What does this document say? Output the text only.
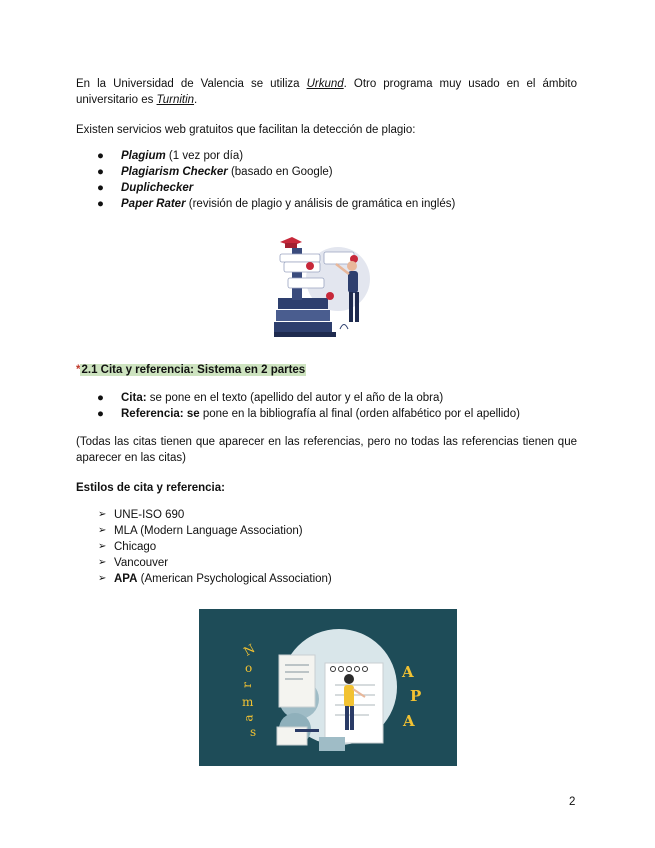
En la Universidad de Valencia se utiliza Urkund. Otro programa muy usado en el ámbito universitario es Turnitin.

Existen servicios web gratuitos que facilitan la detección de plagio:

● Plagium (1 vez por día)
● Plagiarism Checker (basado en Google)
● Duplichecker
● Paper Rater (revisión de plagio y análisis de gramática en inglés)

*2.1 Cita y referencia: Sistema en 2 partes

● Cita: se pone en el texto (apellido del autor y el año de la obra)
● Referencia: se pone en la bibliografía al final (orden alfabético por el apellido)

(Todas las citas tienen que aparecer en las referencias, pero no todas las referencias tienen que aparecer en las citas)

Estilos de cita y referencia:

➢ UNE-ISO 690
➢ MLA (Modern Language Association)
➢ Chicago
➢ Vancouver
➢ APA (American Psychological Association)
N
o
r
m
a
s
A
P
A
2
